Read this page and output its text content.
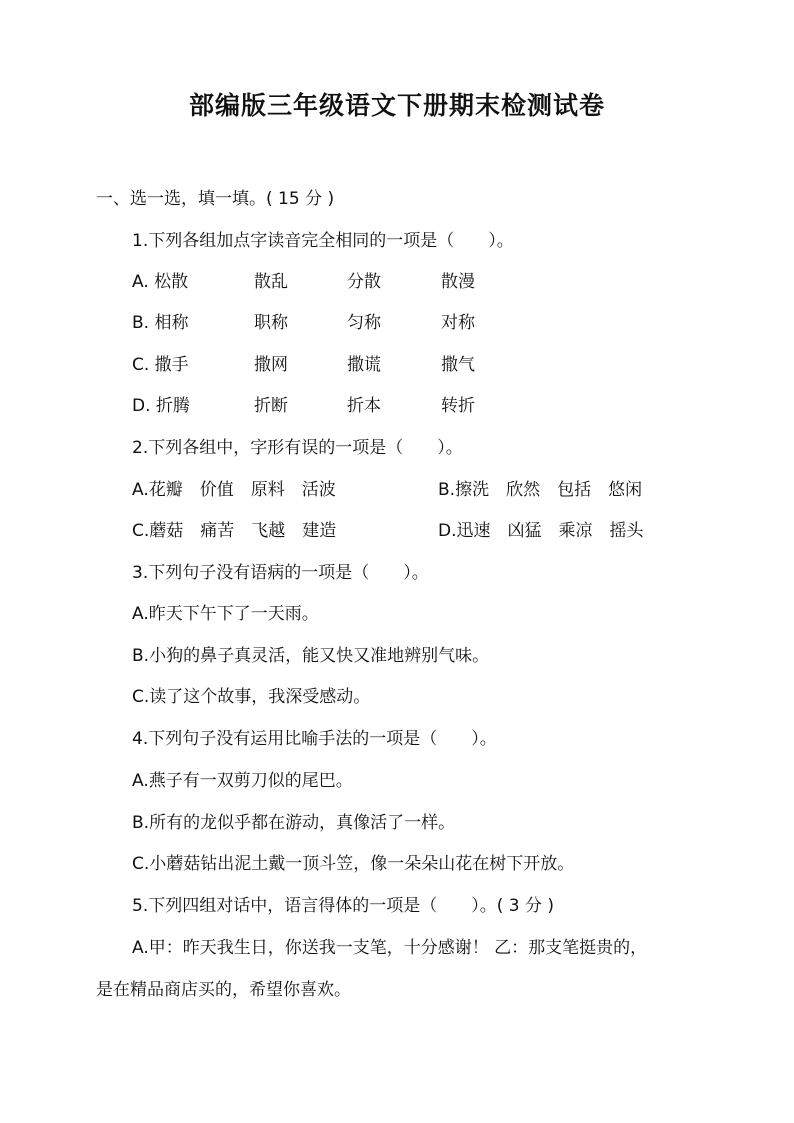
部编版三年级语文下册期末检测试卷
一、选一选，填一填。( 15 分 )
1.下列各组加点字读音完全相同的一项是（　　）。
A. 松散	散乱	分散	散漫
B. 相称	职称	匀称	对称
C. 撒手	撒网	撒谎	撒气
D. 折腾	折断	折本	转折
2.下列各组中，字形有误的一项是（　　）。
A.花瓣　价值　原料　活波	B.擦洗　欣然　包括　悠闲
C.蘑菇　痛苦　飞越　建造	D.迅速　凶猛　乘凉　摇头
3.下列句子没有语病的一项是（　　）。
A.昨天下午下了一天雨。
B.小狗的鼻子真灵活，能又快又准地辨别气味。
C.读了这个故事，我深受感动。
4.下列句子没有运用比喻手法的一项是（　　）。
A.燕子有一双剪刀似的尾巴。
B.所有的龙似乎都在游动，真像活了一样。
C.小蘑菇钻出泥土戴一顶斗笠，像一朵朵山花在树下开放。
5.下列四组对话中，语言得体的一项是（　　）。( 3 分 )
A.甲：昨天我生日，你送我一支笔，十分感谢！ 乙：那支笔挺贵的，
是在精品商店买的，希望你喜欢。
